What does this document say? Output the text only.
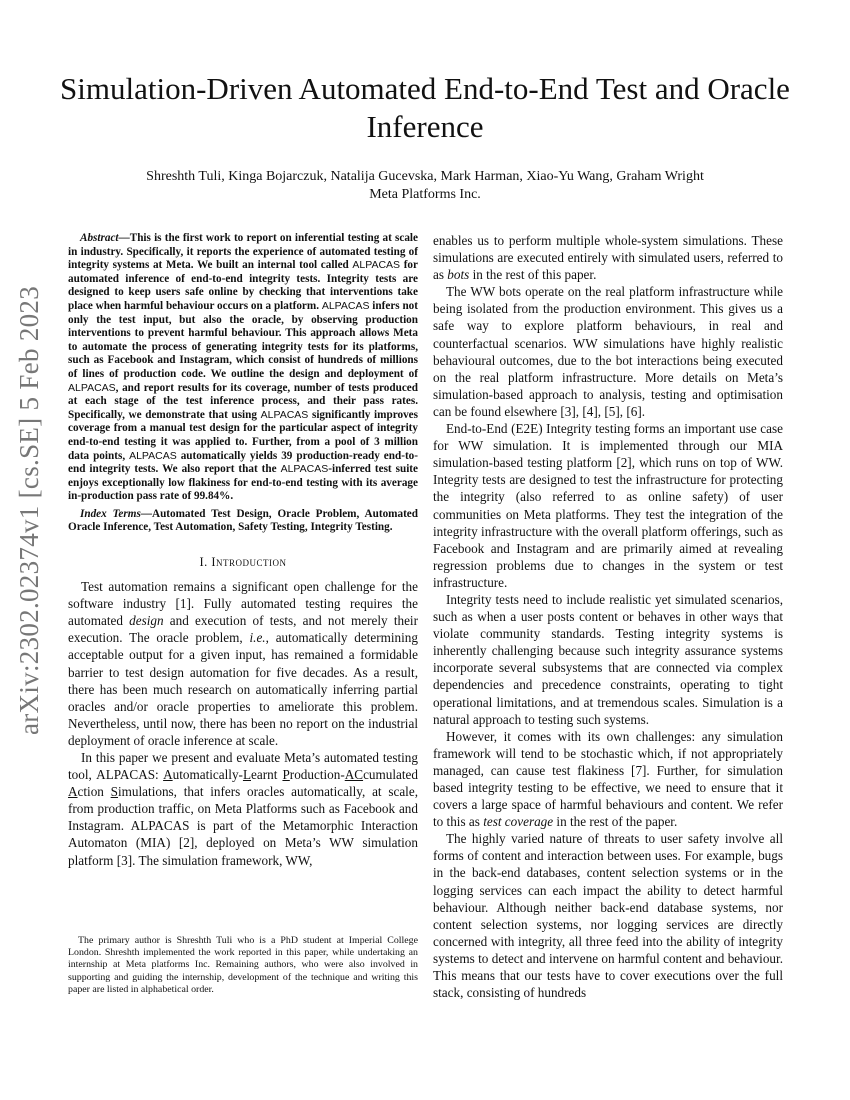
arXiv:2302.02374v1 [cs.SE] 5 Feb 2023
Simulation-Driven Automated End-to-End Test and Oracle Inference
Shreshth Tuli, Kinga Bojarczuk, Natalija Gucevska, Mark Harman, Xiao-Yu Wang, Graham Wright
Meta Platforms Inc.

Abstract—This is the first work to report on inferential testing at scale in industry. Specifically, it reports the experience of automated testing of integrity systems at Meta. We built an internal tool called ALPACAS for automated inference of end-to-end integrity tests. Integrity tests are designed to keep users safe online by checking that interventions take place when harmful behaviour occurs on a platform. ALPACAS infers not only the test input, but also the oracle, by observing production interventions to prevent harmful behaviour. This approach allows Meta to automate the process of generating integrity tests for its platforms, such as Facebook and Instagram, which consist of hundreds of millions of lines of production code. We outline the design and deployment of ALPACAS, and report results for its coverage, number of tests produced at each stage of the test inference process, and their pass rates. Specifically, we demonstrate that using ALPACAS significantly improves coverage from a manual test design for the particular aspect of integrity end-to-end testing it was applied to. Further, from a pool of 3 million data points, ALPACAS automatically yields 39 production-ready end-to-end integrity tests. We also report that the ALPACAS-inferred test suite enjoys exceptionally low flakiness for end-to-end testing with its average in-production pass rate of 99.84%.

Index Terms—Automated Test Design, Oracle Problem, Automated Oracle Inference, Test Automation, Safety Testing, Integrity Testing.

I. Introduction

Test automation remains a significant open challenge for the software industry [1]. Fully automated testing requires the automated design and execution of tests, and not merely their execution. The oracle problem, i.e., automatically determining acceptable output for a given input, has remained a formidable barrier to test design automation for five decades. As a result, there has been much research on automatically inferring partial oracles and/or oracle properties to ameliorate this problem. Nevertheless, until now, there has been no report on the industrial deployment of oracle inference at scale.

In this paper we present and evaluate Meta’s automated testing tool, ALPACAS: Automatically-Learnt Production-ACcumulated Action Simulations, that infers oracles automatically, at scale, from production traffic, on Meta Platforms such as Facebook and Instagram. ALPACAS is part of the Metamorphic Interaction Automaton (MIA) [2], deployed on Meta’s WW simulation platform [3]. The simulation framework, WW,

The primary author is Shreshth Tuli who is a PhD student at Imperial College London. Shreshth implemented the work reported in this paper, while undertaking an internship at Meta platforms Inc. Remaining authors, who were also involved in supporting and guiding the internship, development of the technique and writing this paper are listed in alphabetical order.

enables us to perform multiple whole-system simulations. These simulations are executed entirely with simulated users, referred to as bots in the rest of this paper.

The WW bots operate on the real platform infrastructure while being isolated from the production environment. This gives us a safe way to explore platform behaviours, in real and counterfactual scenarios. WW simulations have highly realistic behavioural outcomes, due to the bot interactions being executed on the real platform infrastructure. More details on Meta’s simulation-based approach to analysis, testing and optimisation can be found elsewhere [3], [4], [5], [6].

End-to-End (E2E) Integrity testing forms an important use case for WW simulation. It is implemented through our MIA simulation-based testing platform [2], which runs on top of WW. Integrity tests are designed to test the infrastructure for protecting the integrity (also referred to as online safety) of user communities on Meta platforms. They test the integration of the integrity infrastructure with the overall platform offerings, such as Facebook and Instagram and are primarily aimed at revealing regression problems due to changes in the system or test infrastructure.

Integrity tests need to include realistic yet simulated scenarios, such as when a user posts content or behaves in other ways that violate community standards. Testing integrity systems is inherently challenging because such integrity assurance systems incorporate several subsystems that are connected via complex dependencies and precedence constraints, operating to tight operational limitations, and at tremendous scales. Simulation is a natural approach to testing such systems.

However, it comes with its own challenges: any simulation framework will tend to be stochastic which, if not appropriately managed, can cause test flakiness [7]. Further, for simulation based integrity testing to be effective, we need to ensure that it covers a large space of harmful behaviours and content. We refer to this as test coverage in the rest of the paper.

The highly varied nature of threats to user safety involve all forms of content and interaction between uses. For example, bugs in the back-end databases, content selection systems or in the logging services can each impact the ability to detect harmful behaviour. Although neither back-end database systems, nor content selection systems, nor logging services are directly concerned with integrity, all three feed into the ability of integrity systems to detect and intervene on harmful content and behaviour. This means that our tests have to cover executions over the full stack, consisting of hundreds
